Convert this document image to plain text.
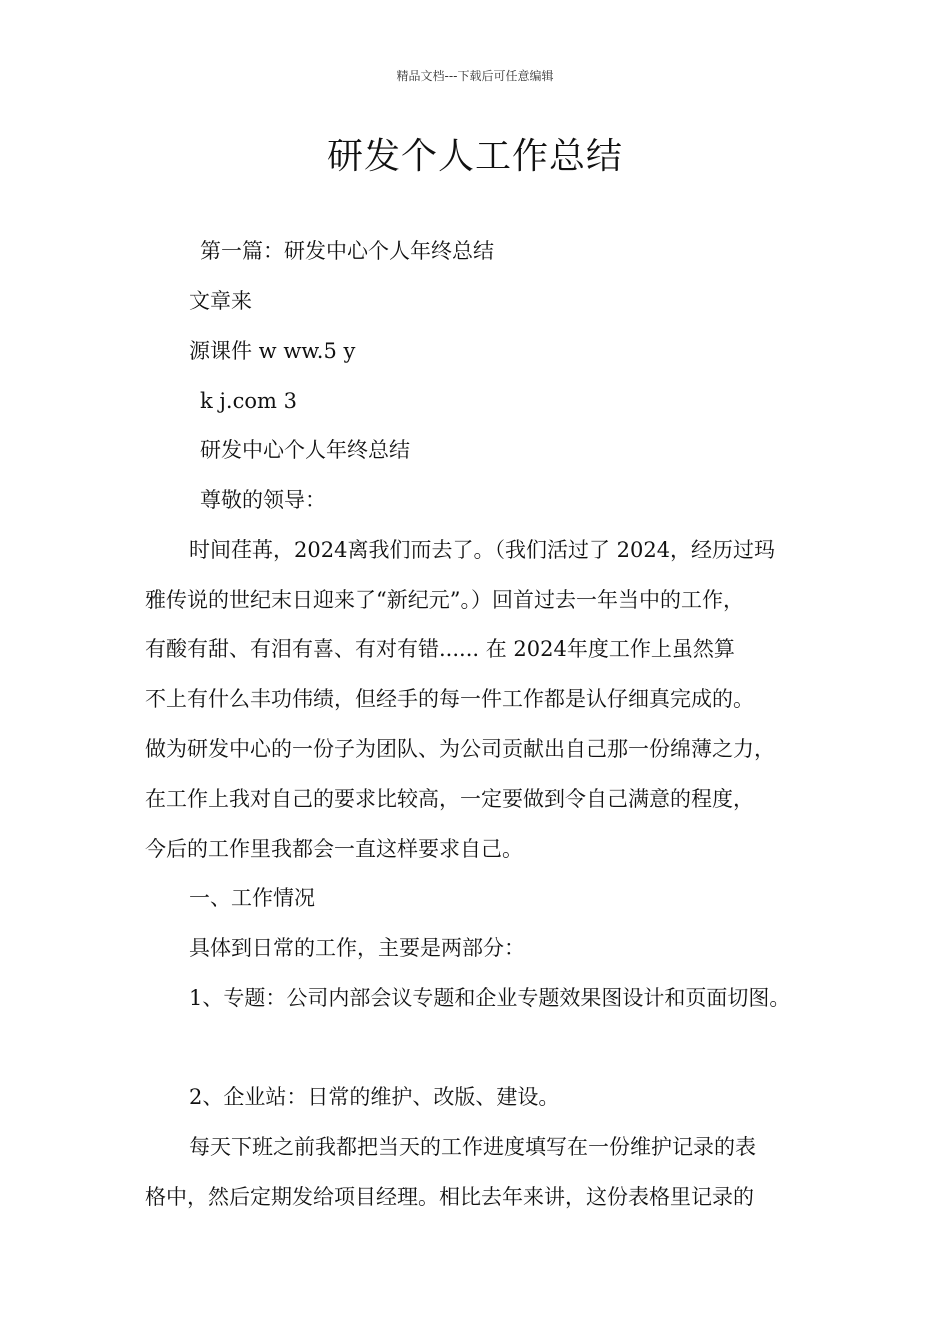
精品文档---下载后可任意编辑
研发个人工作总结

第一篇：研发中心个人年终总结

文章来

源课件 w ww.5 y

k j.com 3

研发中心个人年终总结

尊敬的领导：

时间荏苒，2024离我们而去了。（我们活过了 2024，经历过玛

雅传说的世纪末日迎来了“新纪元”。）回首过去一年当中的工作，

有酸有甜、有泪有喜、有对有错...... 在 2024年度工作上虽然算

不上有什么丰功伟绩，但经手的每一件工作都是认仔细真完成的。

做为研发中心的一份子为团队、为公司贡献出自己那一份绵薄之力，

在工作上我对自己的要求比较高，一定要做到令自己满意的程度，

今后的工作里我都会一直这样要求自己。

一、工作情况

具体到日常的工作，主要是两部分：

1、专题：公司内部会议专题和企业专题效果图设计和页面切图。

2、企业站：日常的维护、改版、建设。

每天下班之前我都把当天的工作进度填写在一份维护记录的表

格中，然后定期发给项目经理。相比去年来讲，这份表格里记录的
